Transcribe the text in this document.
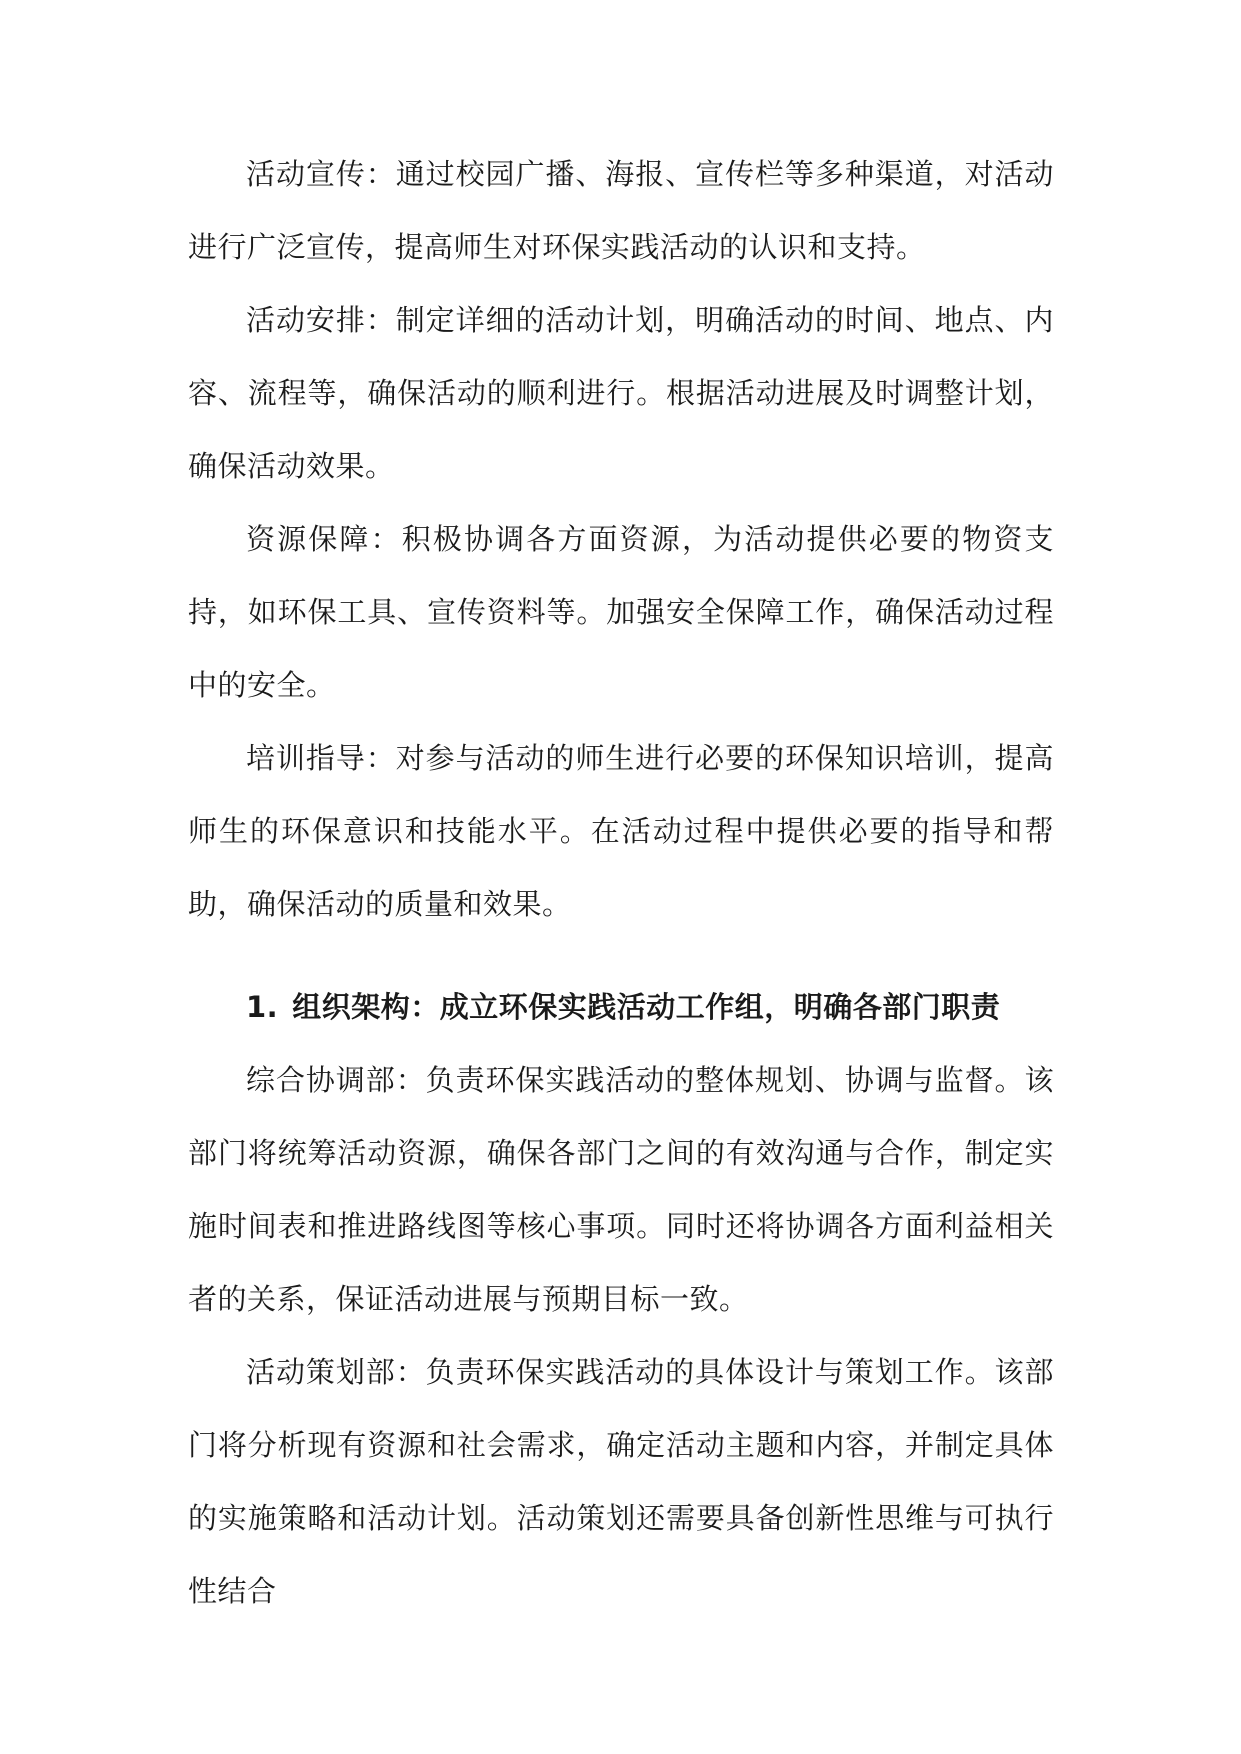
活动宣传：通过校园广播、海报、宣传栏等多种渠道，对活动进行广泛宣传，提高师生对环保实践活动的认识和支持。

活动安排：制定详细的活动计划，明确活动的时间、地点、内容、流程等，确保活动的顺利进行。根据活动进展及时调整计划，确保活动效果。

资源保障：积极协调各方面资源，为活动提供必要的物资支持，如环保工具、宣传资料等。加强安全保障工作，确保活动过程中的安全。

培训指导：对参与活动的师生进行必要的环保知识培训，提高师生的环保意识和技能水平。在活动过程中提供必要的指导和帮助，确保活动的质量和效果。

1. 组织架构：成立环保实践活动工作组，明确各部门职责

综合协调部：负责环保实践活动的整体规划、协调与监督。该部门将统筹活动资源，确保各部门之间的有效沟通与合作，制定实施时间表和推进路线图等核心事项。同时还将协调各方面利益相关者的关系，保证活动进展与预期目标一致。

活动策划部：负责环保实践活动的具体设计与策划工作。该部门将分析现有资源和社会需求，确定活动主题和内容，并制定具体的实施策略和活动计划。活动策划还需要具备创新性思维与可执行性结合
